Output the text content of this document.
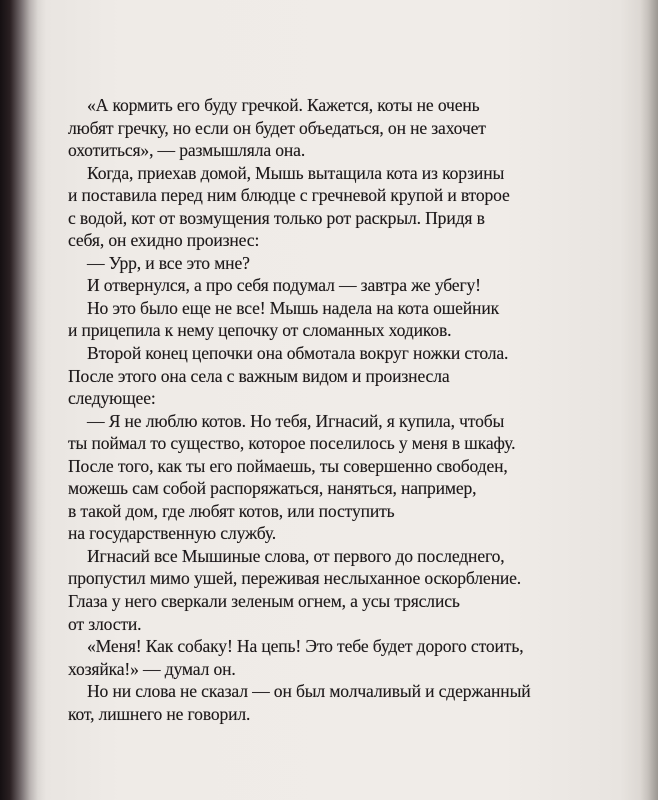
«А кормить его буду гречкой. Кажется, коты не очень
любят гречку, но если он будет объедаться, он не захочет
охотиться», — размышляла она.
Когда, приехав домой, Мышь вытащила кота из корзины
и поставила перед ним блюдце с гречневой крупой и второе
с водой, кот от возмущения только рот раскрыл. Придя в
себя, он ехидно произнес:
— Урр, и все это мне?
И отвернулся, а про себя подумал — завтра же убегу!
Но это было еще не все! Мышь надела на кота ошейник
и прицепила к нему цепочку от сломанных ходиков.
Второй конец цепочки она обмотала вокруг ножки стола.
После этого она села с важным видом и произнесла
следующее:
— Я не люблю котов. Но тебя, Игнасий, я купила, чтобы
ты поймал то существо, которое поселилось у меня в шкафу.
После того, как ты его поймаешь, ты совершенно свободен,
можешь сам собой распоряжаться, наняться, например,
в такой дом, где любят котов, или поступить
на государственную службу.
Игнасий все Мышиные слова, от первого до последнего,
пропустил мимо ушей, переживая неслыханное оскорбление.
Глаза у него сверкали зеленым огнем, а усы тряслись
от злости.
«Меня! Как собаку! На цепь! Это тебе будет дорого стоить,
хозяйка!» — думал он.
Но ни слова не сказал — он был молчаливый и сдержанный
кот, лишнего не говорил.
